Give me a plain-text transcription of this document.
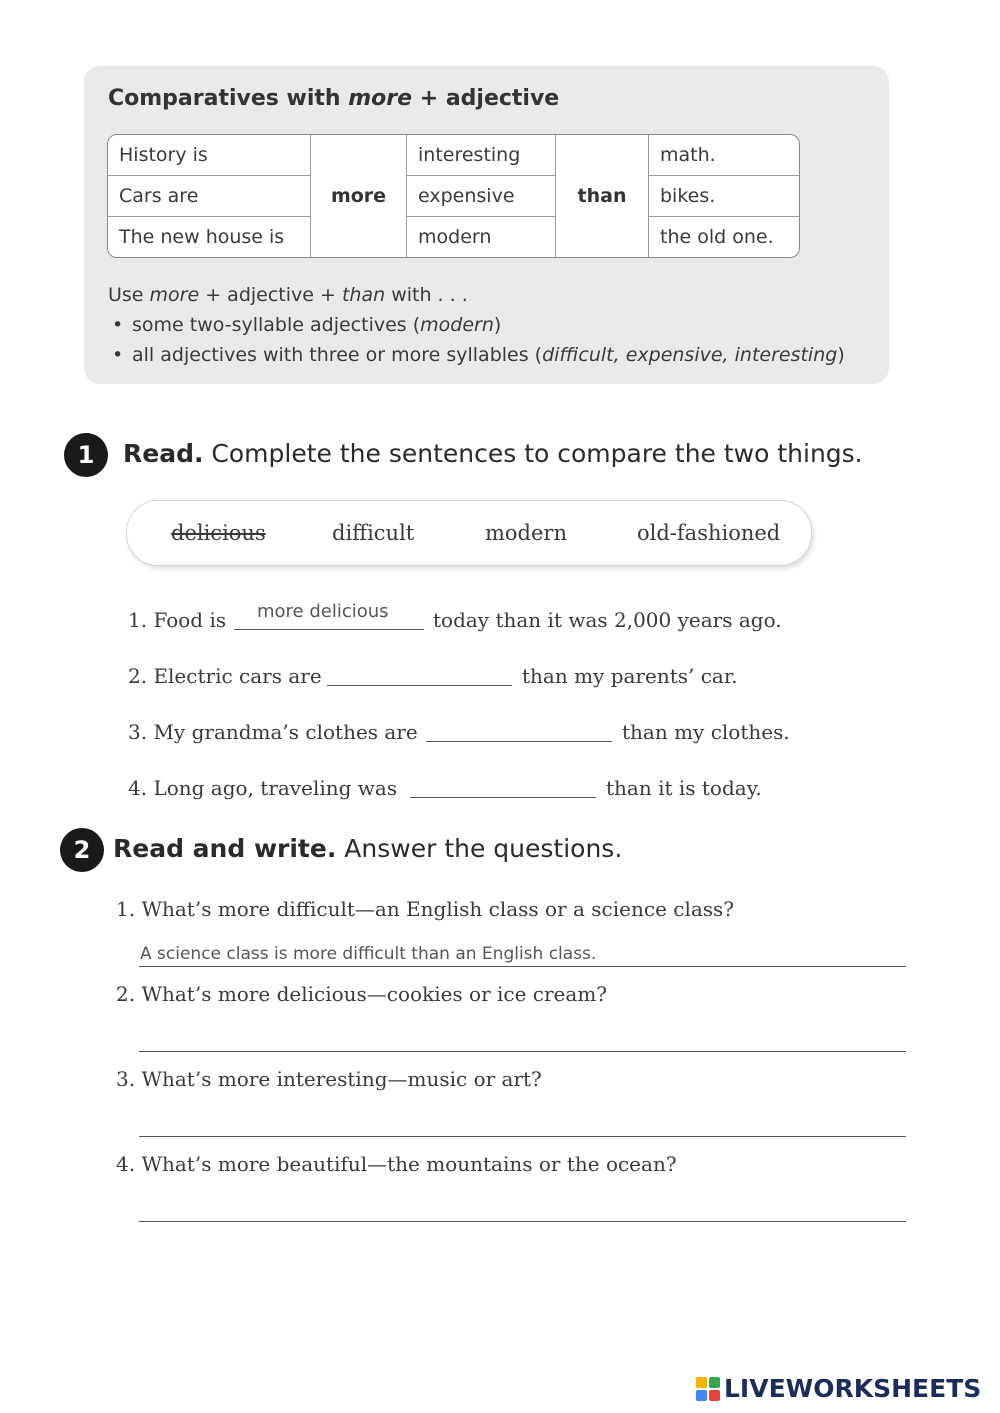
Comparatives with more + adjective
History is	more	interesting	than	math.
Cars are		expensive		bikes.
The new house is		modern		the old one.
Use more + adjective + than with . . .
• some two-syllable adjectives (modern)
• all adjectives with three or more syllables (difficult, expensive, interesting)
1	Read. Complete the sentences to compare the two things.
delicious	difficult	modern	old-fashioned
1. Food is more delicious today than it was 2,000 years ago.
2. Electric cars are	than my parents’ car.
3. My grandma’s clothes are	than my clothes.
4. Long ago, traveling was	than it is today.
2 Read and write. Answer the questions.
1. What’s more difficult—an English class or a science class?
A science class is more difficult than an English class.
2. What’s more delicious—cookies or ice cream?
3. What’s more interesting—music or art?
4. What’s more beautiful—the mountains or the ocean?
LIVEWORKSHEETS
